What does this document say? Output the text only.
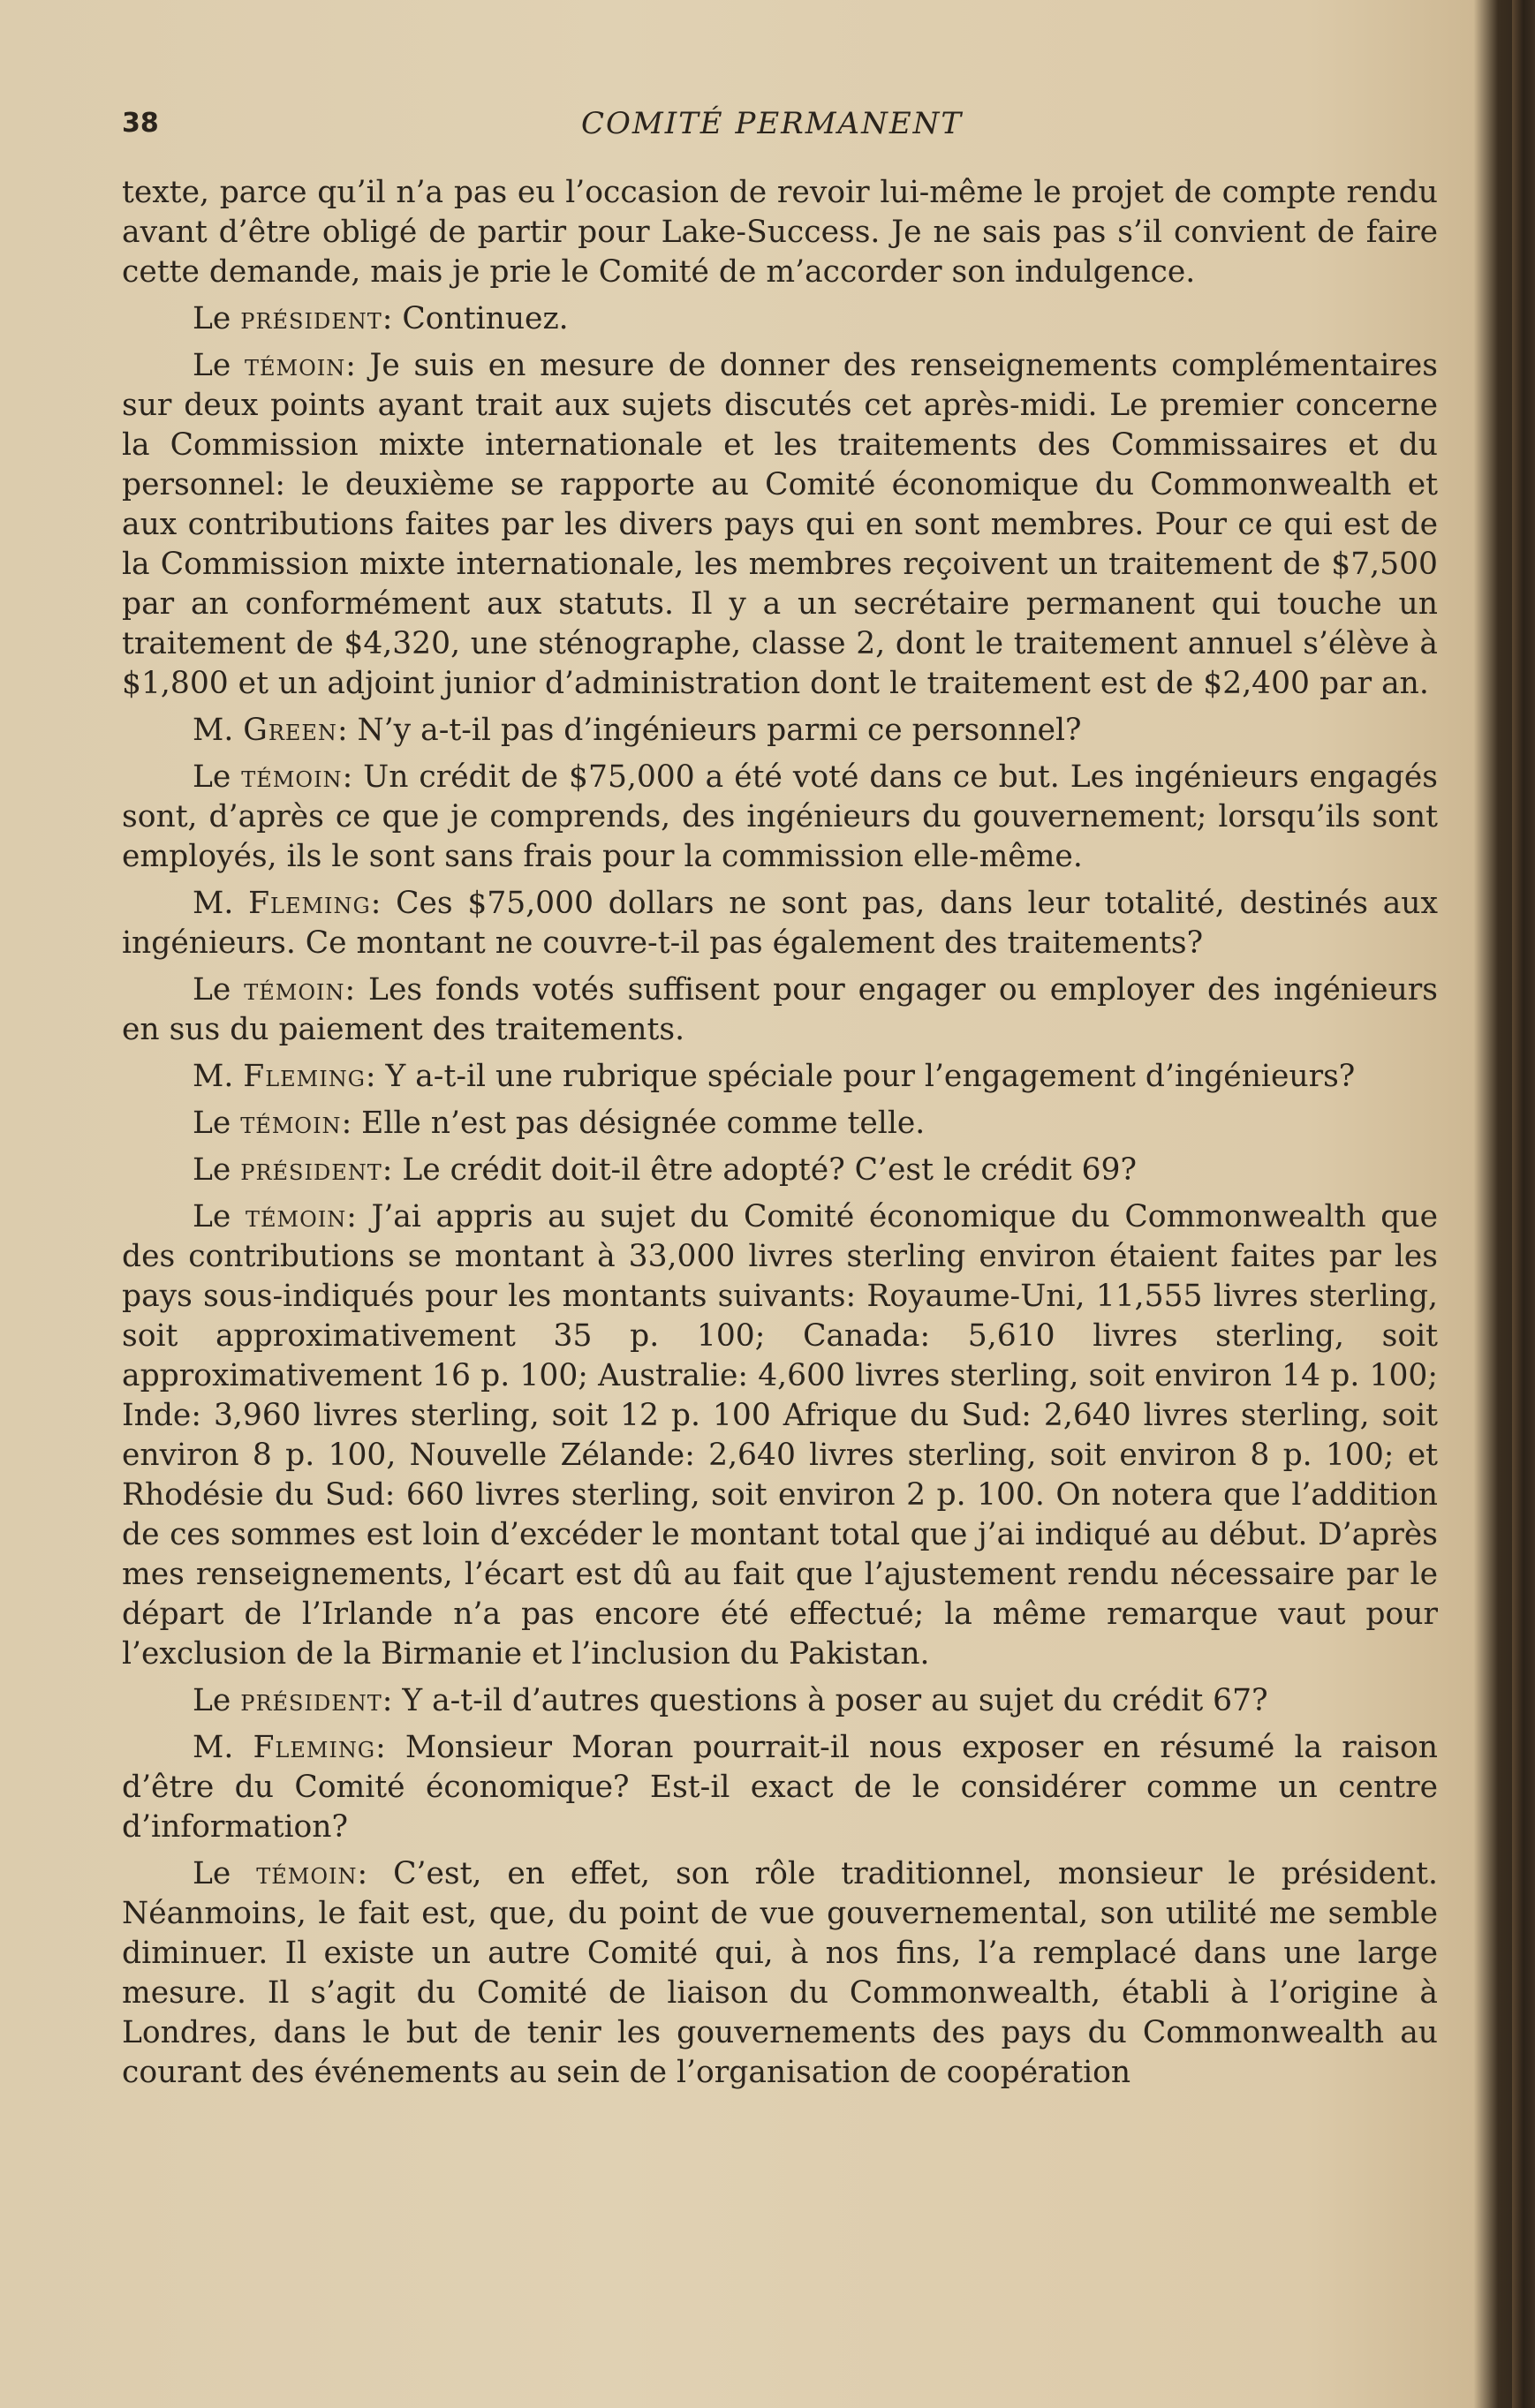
38	COMITÉ PERMANENT

texte, parce qu’il n’a pas eu l’occasion de revoir lui-même le projet de compte rendu avant d’être obligé de partir pour Lake-Success. Je ne sais pas s’il convient de faire cette demande, mais je prie le Comité de m’accorder son indulgence.

Le président: Continuez.

Le témoin: Je suis en mesure de donner des renseignements complémentaires sur deux points ayant trait aux sujets discutés cet après-midi. Le premier concerne la Commission mixte internationale et les traitements des Commissaires et du personnel: le deuxième se rapporte au Comité économique du Commonwealth et aux contributions faites par les divers pays qui en sont membres. Pour ce qui est de la Commission mixte internationale, les membres reçoivent un traitement de $7,500 par an conformément aux statuts. Il y a un secrétaire permanent qui touche un traitement de $4,320, une sténographe, classe 2, dont le traitement annuel s’élève à $1,800 et un adjoint junior d’administration dont le traitement est de $2,400 par an.

M. Green: N’y a-t-il pas d’ingénieurs parmi ce personnel?

Le témoin: Un crédit de $75,000 a été voté dans ce but. Les ingénieurs engagés sont, d’après ce que je comprends, des ingénieurs du gouvernement; lorsqu’ils sont employés, ils le sont sans frais pour la commission elle-même.

M. Fleming: Ces $75,000 dollars ne sont pas, dans leur totalité, destinés aux ingénieurs. Ce montant ne couvre-t-il pas également des traitements?

Le témoin: Les fonds votés suffisent pour engager ou employer des ingénieurs en sus du paiement des traitements.

M. Fleming: Y a-t-il une rubrique spéciale pour l’engagement d’ingénieurs?

Le témoin: Elle n’est pas désignée comme telle.

Le président: Le crédit doit-il être adopté? C’est le crédit 69?

Le témoin: J’ai appris au sujet du Comité économique du Commonwealth que des contributions se montant à 33,000 livres sterling environ étaient faites par les pays sous-indiqués pour les montants suivants: Royaume-Uni, 11,555 livres sterling, soit approximativement 35 p. 100; Canada: 5,610 livres sterling, soit approximativement 16 p. 100; Australie: 4,600 livres sterling, soit environ 14 p. 100; Inde: 3,960 livres sterling, soit 12 p. 100 Afrique du Sud: 2,640 livres sterling, soit environ 8 p. 100, Nouvelle Zélande: 2,640 livres sterling, soit environ 8 p. 100; et Rhodésie du Sud: 660 livres sterling, soit environ 2 p. 100. On notera que l’addition de ces sommes est loin d’excéder le montant total que j’ai indiqué au début. D’après mes renseignements, l’écart est dû au fait que l’ajustement rendu nécessaire par le départ de l’Irlande n’a pas encore été effectué; la même remarque vaut pour l’exclusion de la Birmanie et l’inclusion du Pakistan.

Le président: Y a-t-il d’autres questions à poser au sujet du crédit 67?

M. Fleming: Monsieur Moran pourrait-il nous exposer en résumé la raison d’être du Comité économique? Est-il exact de le considérer comme un centre d’information?

Le témoin: C’est, en effet, son rôle traditionnel, monsieur le président. Néanmoins, le fait est, que, du point de vue gouvernemental, son utilité me semble diminuer. Il existe un autre Comité qui, à nos fins, l’a remplacé dans une large mesure. Il s’agit du Comité de liaison du Commonwealth, établi à l’origine à Londres, dans le but de tenir les gouvernements des pays du Commonwealth au courant des événements au sein de l’organisation de coopération
